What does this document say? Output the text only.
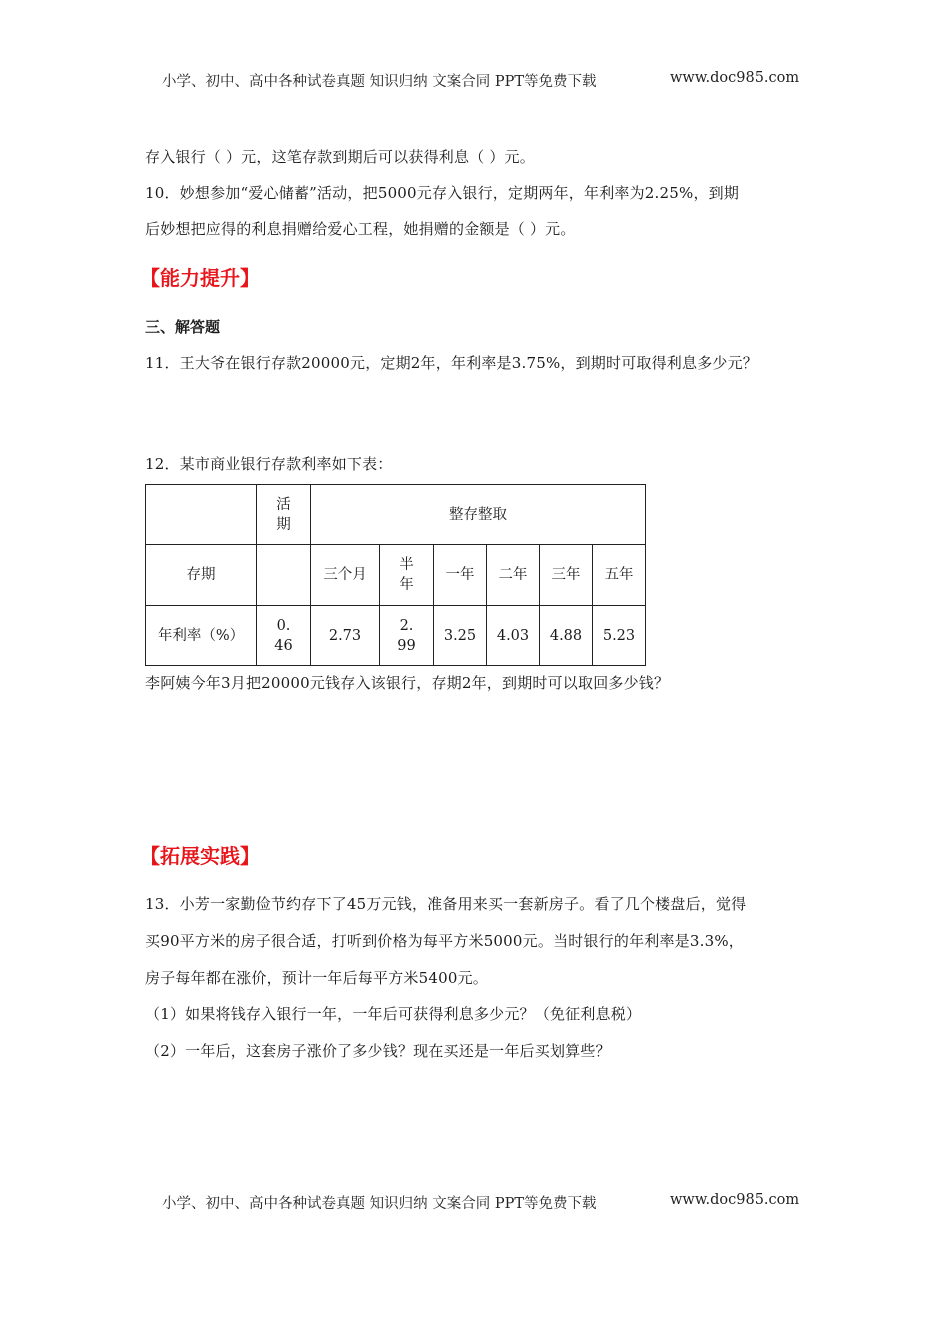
小学、初中、高中各种试卷真题 知识归纳 文案合同 PPT等免费下载	www.doc985.com
存入银行（ ）元，这笔存款到期后可以获得利息（ ）元。
10．妙想参加“爱心储蓄”活动，把5000元存入银行，定期两年，年利率为2.25%，到期
后妙想把应得的利息捐赠给爱心工程，她捐赠的金额是（ ）元。
【能力提升】
三、解答题
11．王大爷在银行存款20000元，定期2年，年利率是3.75%，到期时可取得利息多少元？
12．某市商业银行存款利率如下表：
	活期	整存整取					
存期		三个月	半年	一年	二年	三年	五年
年利率（%）	0.46	2.73	2.99	3.25	4.03	4.88	5.23
李阿姨今年3月把20000元钱存入该银行，存期2年，到期时可以取回多少钱？
【拓展实践】
13．小芳一家勤俭节约存下了45万元钱，准备用来买一套新房子。看了几个楼盘后，觉得
买90平方米的房子很合适，打听到价格为每平方米5000元。当时银行的年利率是3.3%，
房子每年都在涨价，预计一年后每平方米5400元。
（1）如果将钱存入银行一年，一年后可获得利息多少元？（免征利息税）
（2）一年后，这套房子涨价了多少钱？现在买还是一年后买划算些？
小学、初中、高中各种试卷真题 知识归纳 文案合同 PPT等免费下载	www.doc985.com
